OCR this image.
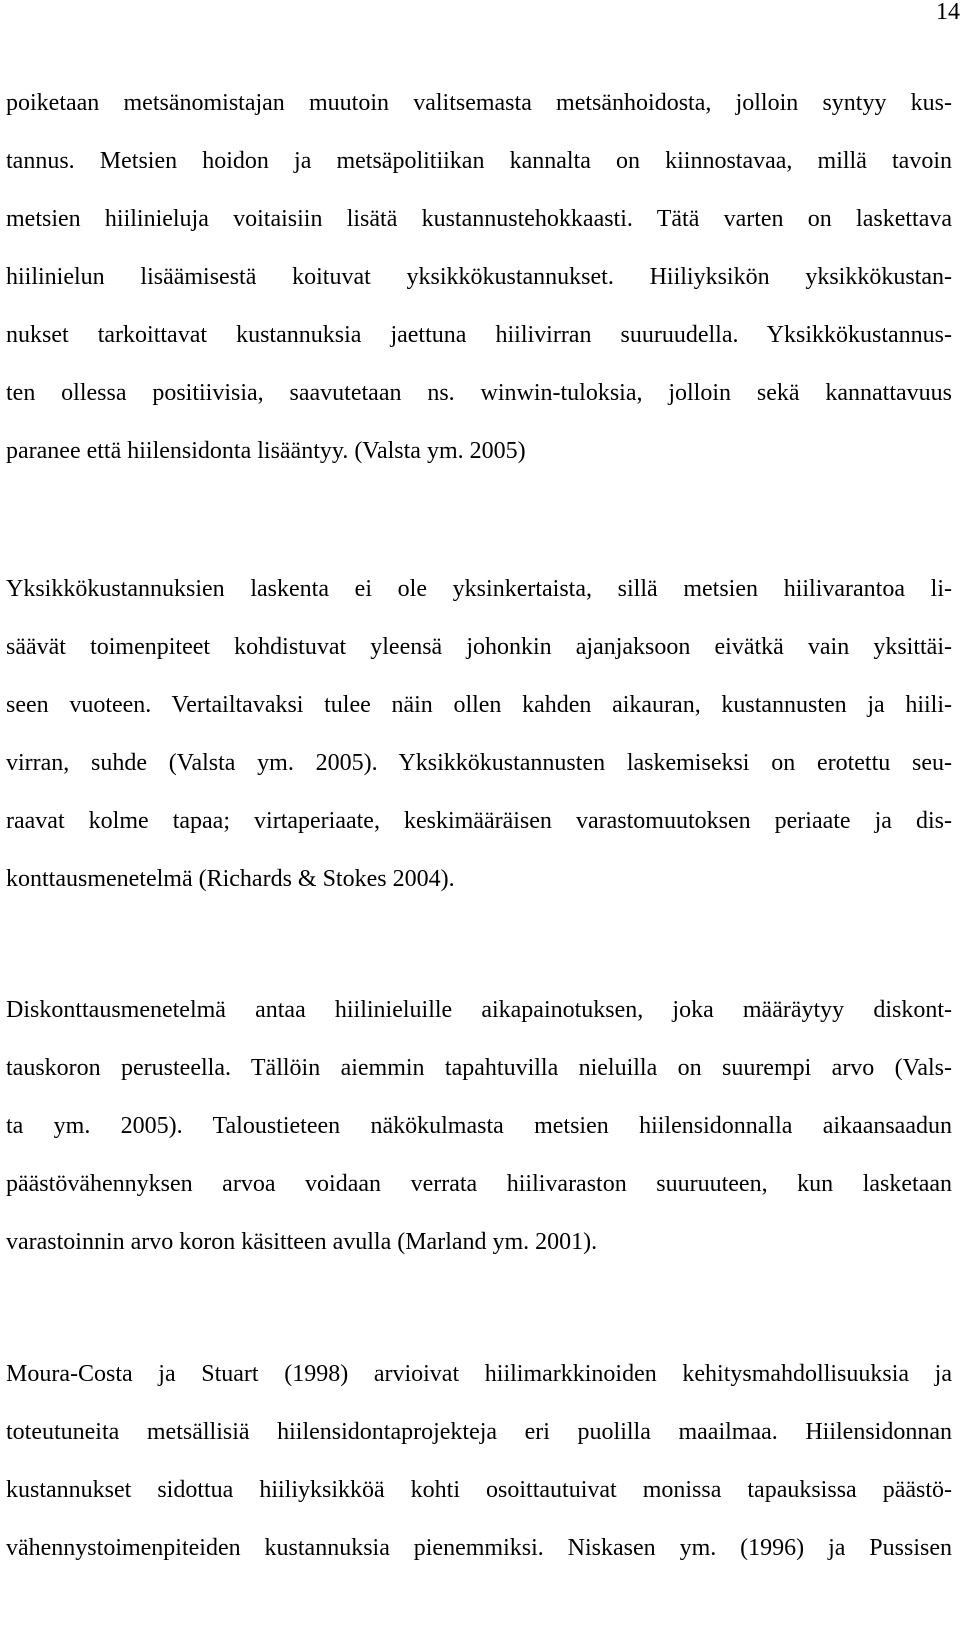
14
poiketaan metsänomistajan muutoin valitsemasta metsänhoidosta, jolloin syntyy kus-
tannus. Metsien hoidon ja metsäpolitiikan kannalta on kiinnostavaa, millä tavoin
metsien hiilinieluja voitaisiin lisätä kustannustehokkaasti. Tätä varten on laskettava
hiilinielun lisäämisestä koituvat yksikkökustannukset. Hiiliyksikön yksikkökustan-
nukset tarkoittavat kustannuksia jaettuna hiilivirran suuruudella. Yksikkökustannus-
ten ollessa positiivisia, saavutetaan ns. winwin-tuloksia, jolloin sekä kannattavuus
paranee että hiilensidonta lisääntyy. (Valsta ym. 2005)
Yksikkökustannuksien laskenta ei ole yksinkertaista, sillä metsien hiilivarantoa li-
säävät toimenpiteet kohdistuvat yleensä johonkin ajanjaksoon eivätkä vain yksittäi-
seen vuoteen. Vertailtavaksi tulee näin ollen kahden aikauran, kustannusten ja hiili-
virran, suhde (Valsta ym. 2005). Yksikkökustannusten laskemiseksi on erotettu seu-
raavat kolme tapaa; virtaperiaate, keskimääräisen varastomuutoksen periaate ja dis-
konttausmenetelmä (Richards & Stokes 2004).
Diskonttausmenetelmä antaa hiilinieluille aikapainotuksen, joka määräytyy diskont-
tauskoron perusteella. Tällöin aiemmin tapahtuvilla nieluilla on suurempi arvo (Vals-
ta ym. 2005). Taloustieteen näkökulmasta metsien hiilensidonnalla aikaansaadun
päästövähennyksen arvoa voidaan verrata hiilivaraston suuruuteen, kun lasketaan
varastoinnin arvo koron käsitteen avulla (Marland ym. 2001).
Moura-Costa ja Stuart (1998) arvioivat hiilimarkkinoiden kehitysmahdollisuuksia ja
toteutuneita metsällisiä hiilensidontaprojekteja eri puolilla maailmaa. Hiilensidonnan
kustannukset sidottua hiiliyksikköä kohti osoittautuivat monissa tapauksissa päästö-
vähennystoimenpiteiden kustannuksia pienemmiksi. Niskasen ym. (1996) ja Pussisen
